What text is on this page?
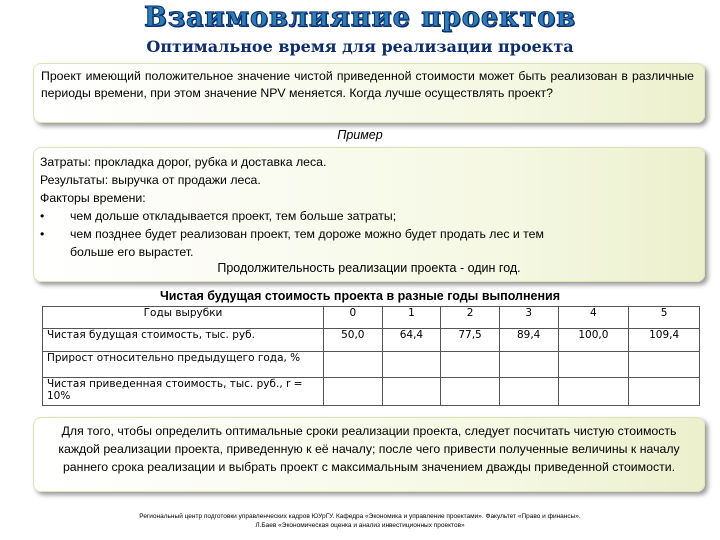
Взаимовлияние проектов
Оптимальное время для реализации проекта
Проект имеющий положительное значение чистой приведенной стоимости может быть реализован в различные периоды времени, при этом значение NPV меняется. Когда лучше осуществлять проект?
Пример
Затраты: прокладка дорог, рубка и доставка леса.
Результаты: выручка от продажи леса.
Факторы времени:
•	чем дольше откладывается проект, тем больше затраты;
•	чем позднее будет реализован проект, тем дороже можно будет продать лес и тем
больше его вырастет.
Продолжительность реализации проекта - один год.
Чистая будущая стоимость проекта в разные годы выполнения
Годы вырубки	0	1	2	3	4	5
Чистая будущая стоимость, тыс. руб.	50,0	64,4	77,5	89,4	100,0	109,4
Прирост относительно предыдущего года, %						
Чистая приведенная стоимость, тыс. руб., r = 10%						
Для того, чтобы определить оптимальные сроки реализации проекта, следует посчитать чистую стоимость каждой реализации проекта, приведенную к её началу; после чего привести полученные величины к началу раннего срока реализации и выбрать проект с максимальным значением дважды приведенной стоимости.
Региональный центр подготовки управленческих кадров ЮУрГУ. Кафедра «Экономика и управление проектами». Факультет «Право и финансы».
Л.Баев «Экономическая оценка и анализ инвестиционных проектов»
